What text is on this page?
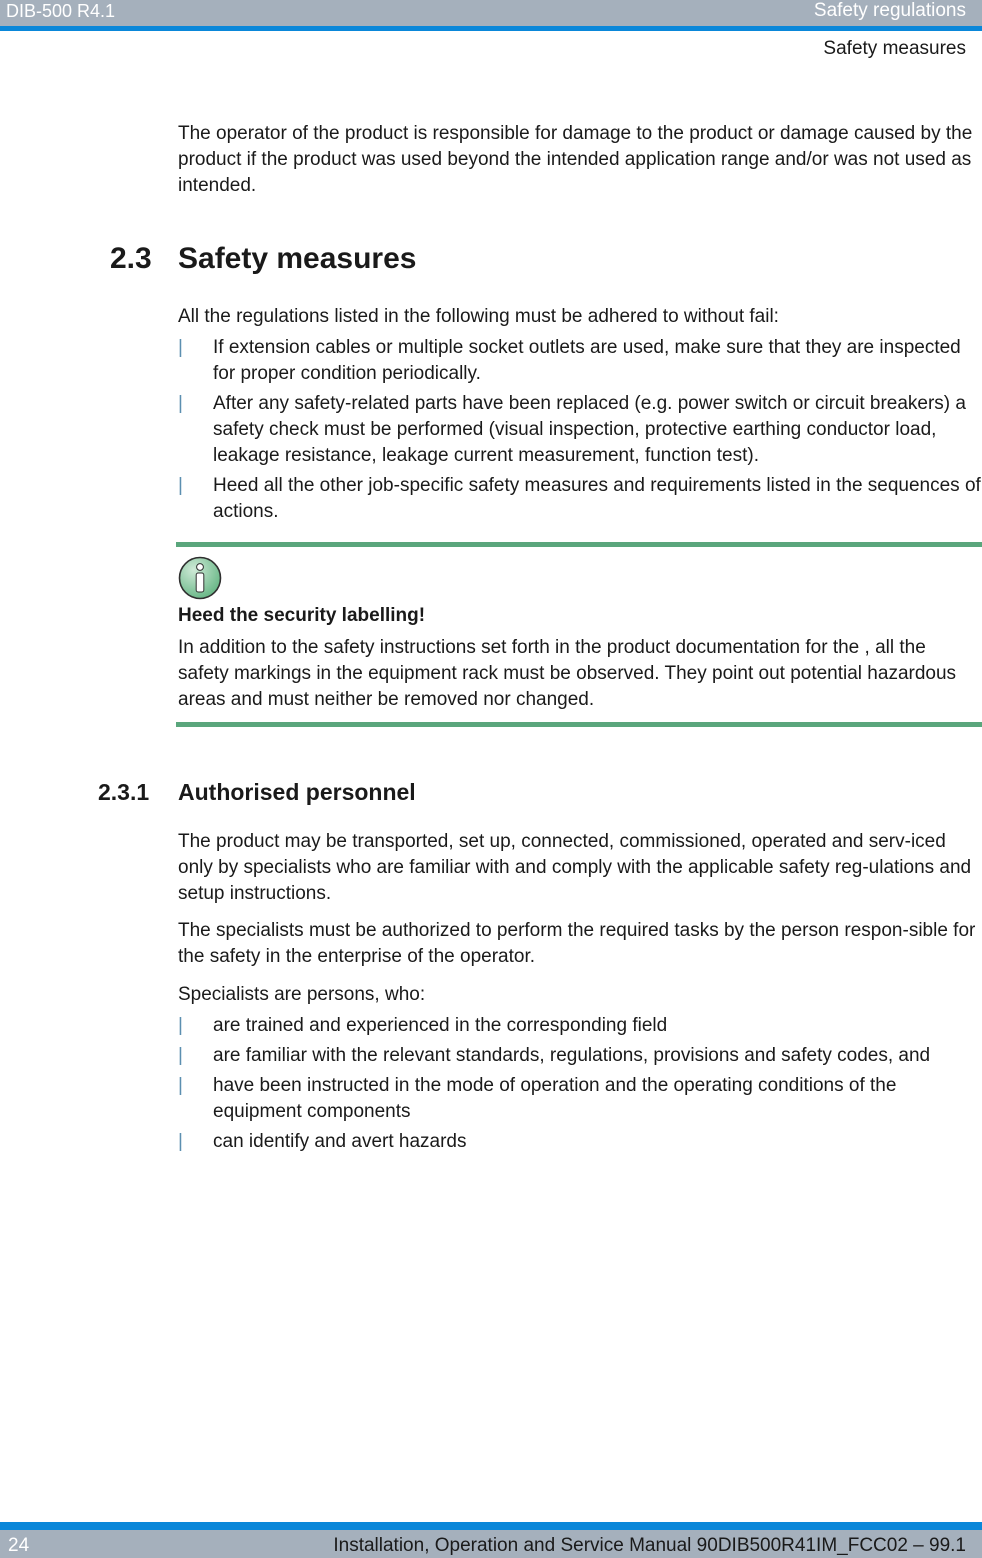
DIB-500 R4.1	Safety regulations
Safety measures

The operator of the product is responsible for damage to the product or damage caused by the product if the product was used beyond the intended application range and/or was not used as intended.

2.3 Safety measures

All the regulations listed in the following must be adhered to without fail:

| If extension cables or multiple socket outlets are used, make sure that they are inspected for proper condition periodically.
| After any safety-related parts have been replaced (e.g. power switch or circuit breakers) a safety check must be performed (visual inspection, protective earthing conductor load, leakage resistance, leakage current measurement, function test).
| Heed all the other job-specific safety measures and requirements listed in the sequences of actions.
Heed the security labelling!

In addition to the safety instructions set forth in the product documentation for the , all the safety markings in the equipment rack must be observed. They point out potential hazardous areas and must neither be removed nor changed.

2.3.1 Authorised personnel

The product may be transported, set up, connected, commissioned, operated and serv-iced only by specialists who are familiar with and comply with the applicable safety reg-ulations and setup instructions.

The specialists must be authorized to perform the required tasks by the person respon-sible for the safety in the enterprise of the operator.

Specialists are persons, who:

| are trained and experienced in the corresponding field
| are familiar with the relevant standards, regulations, provisions and safety codes, and
| have been instructed in the mode of operation and the operating conditions of the equipment components
| can identify and avert hazards
24	Installation, Operation and Service Manual 90DIB500R41IM_FCC02 – 99.1
